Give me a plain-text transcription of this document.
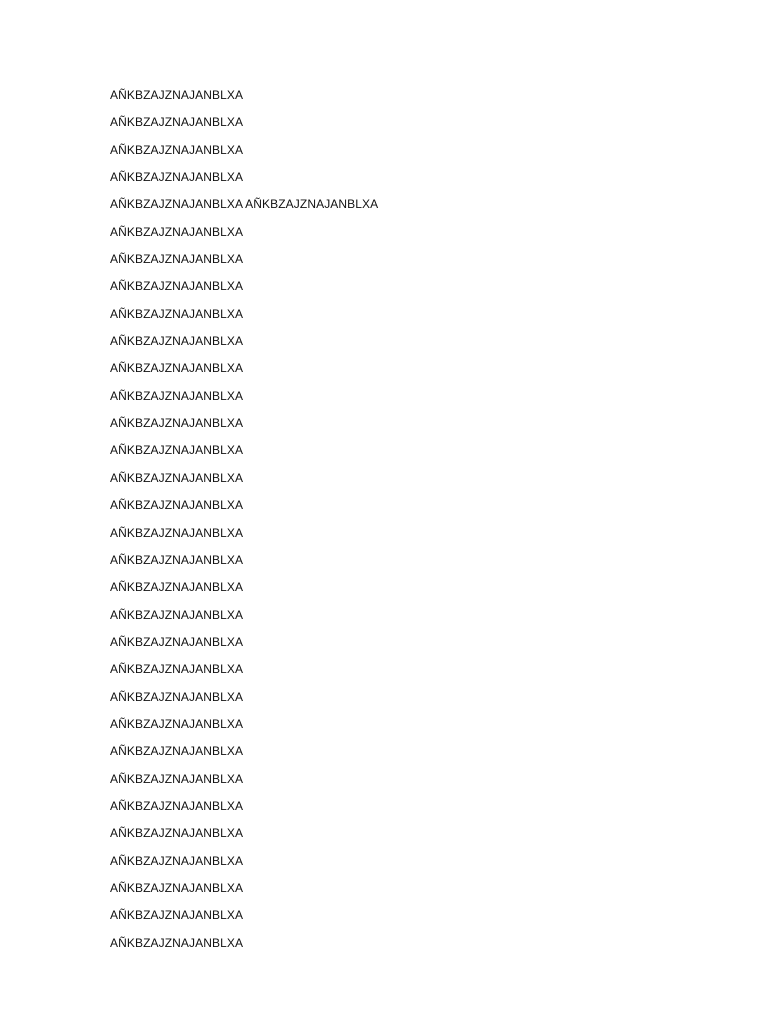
AÑKBZAJZNAJANBLXA
AÑKBZAJZNAJANBLXA
AÑKBZAJZNAJANBLXA
AÑKBZAJZNAJANBLXA
AÑKBZAJZNAJANBLXA AÑKBZAJZNAJANBLXA
AÑKBZAJZNAJANBLXA
AÑKBZAJZNAJANBLXA
AÑKBZAJZNAJANBLXA
AÑKBZAJZNAJANBLXA
AÑKBZAJZNAJANBLXA
AÑKBZAJZNAJANBLXA
AÑKBZAJZNAJANBLXA
AÑKBZAJZNAJANBLXA
AÑKBZAJZNAJANBLXA
AÑKBZAJZNAJANBLXA
AÑKBZAJZNAJANBLXA
AÑKBZAJZNAJANBLXA
AÑKBZAJZNAJANBLXA
AÑKBZAJZNAJANBLXA
AÑKBZAJZNAJANBLXA
AÑKBZAJZNAJANBLXA
AÑKBZAJZNAJANBLXA
AÑKBZAJZNAJANBLXA
AÑKBZAJZNAJANBLXA
AÑKBZAJZNAJANBLXA
AÑKBZAJZNAJANBLXA
AÑKBZAJZNAJANBLXA
AÑKBZAJZNAJANBLXA
AÑKBZAJZNAJANBLXA
AÑKBZAJZNAJANBLXA
AÑKBZAJZNAJANBLXA
AÑKBZAJZNAJANBLXA
